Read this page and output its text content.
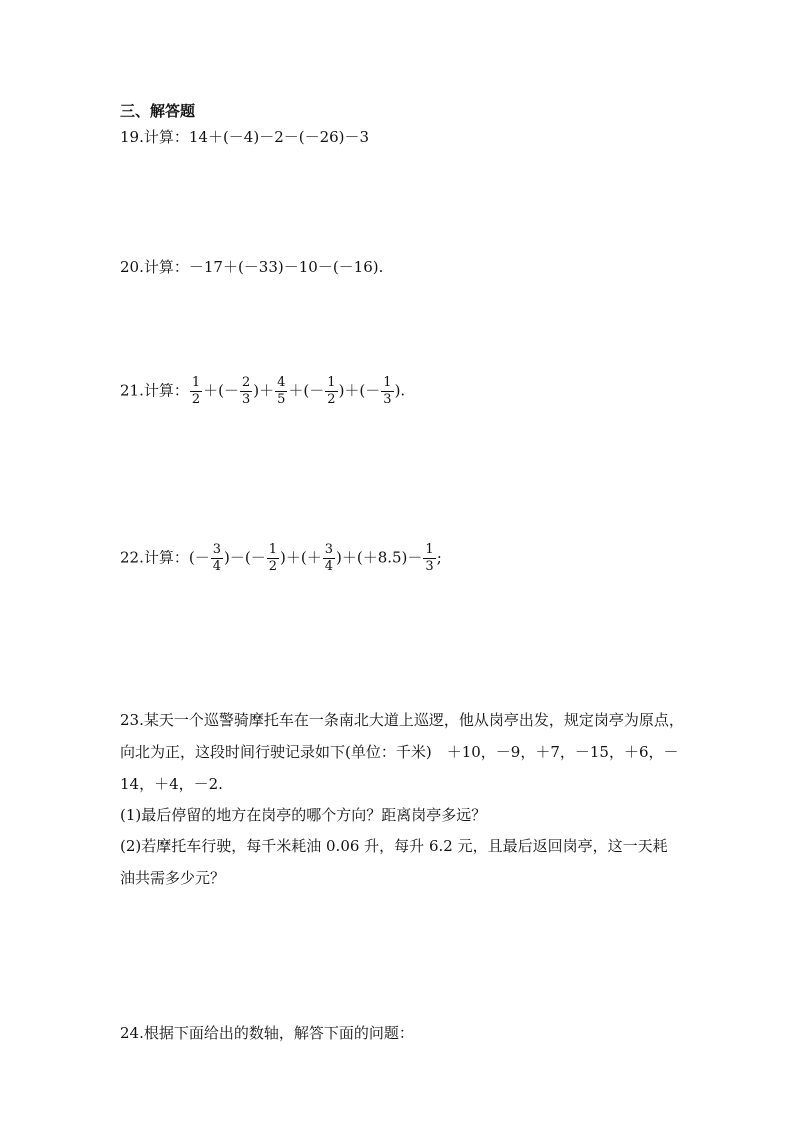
三、解答题
19.计算：14＋(－4)－2－(－26)－3
20.计算：－17＋(－33)－10－(－16).
21.计算： $\frac{1}{2}$ ＋(－ $\frac{2}{3}$ )＋ $\frac{4}{5}$ ＋(－ $\frac{1}{2}$ )＋(－ $\frac{1}{3}$ ).
22.计算：(－ $\frac{3}{4}$ )－(－ $\frac{1}{2}$ )＋(＋ $\frac{3}{4} )+(+8.5)- \frac{1}{3}$ ;
23.某天一个巡警骑摩托车在一条南北大道上巡逻，他从岗亭出发，规定岗亭为原点，
向北为正，这段时间行驶记录如下(单位：千米)　＋10，－9，＋7，－15，＋6，－
14，＋4，－2.
(1)最后停留的地方在岗亭的哪个方向？距离岗亭多远？
(2)若摩托车行驶，每千米耗油 0.06 升，每升 6.2 元，且最后返回岗亭，这一天耗
油共需多少元？
24.根据下面给出的数轴，解答下面的问题：
